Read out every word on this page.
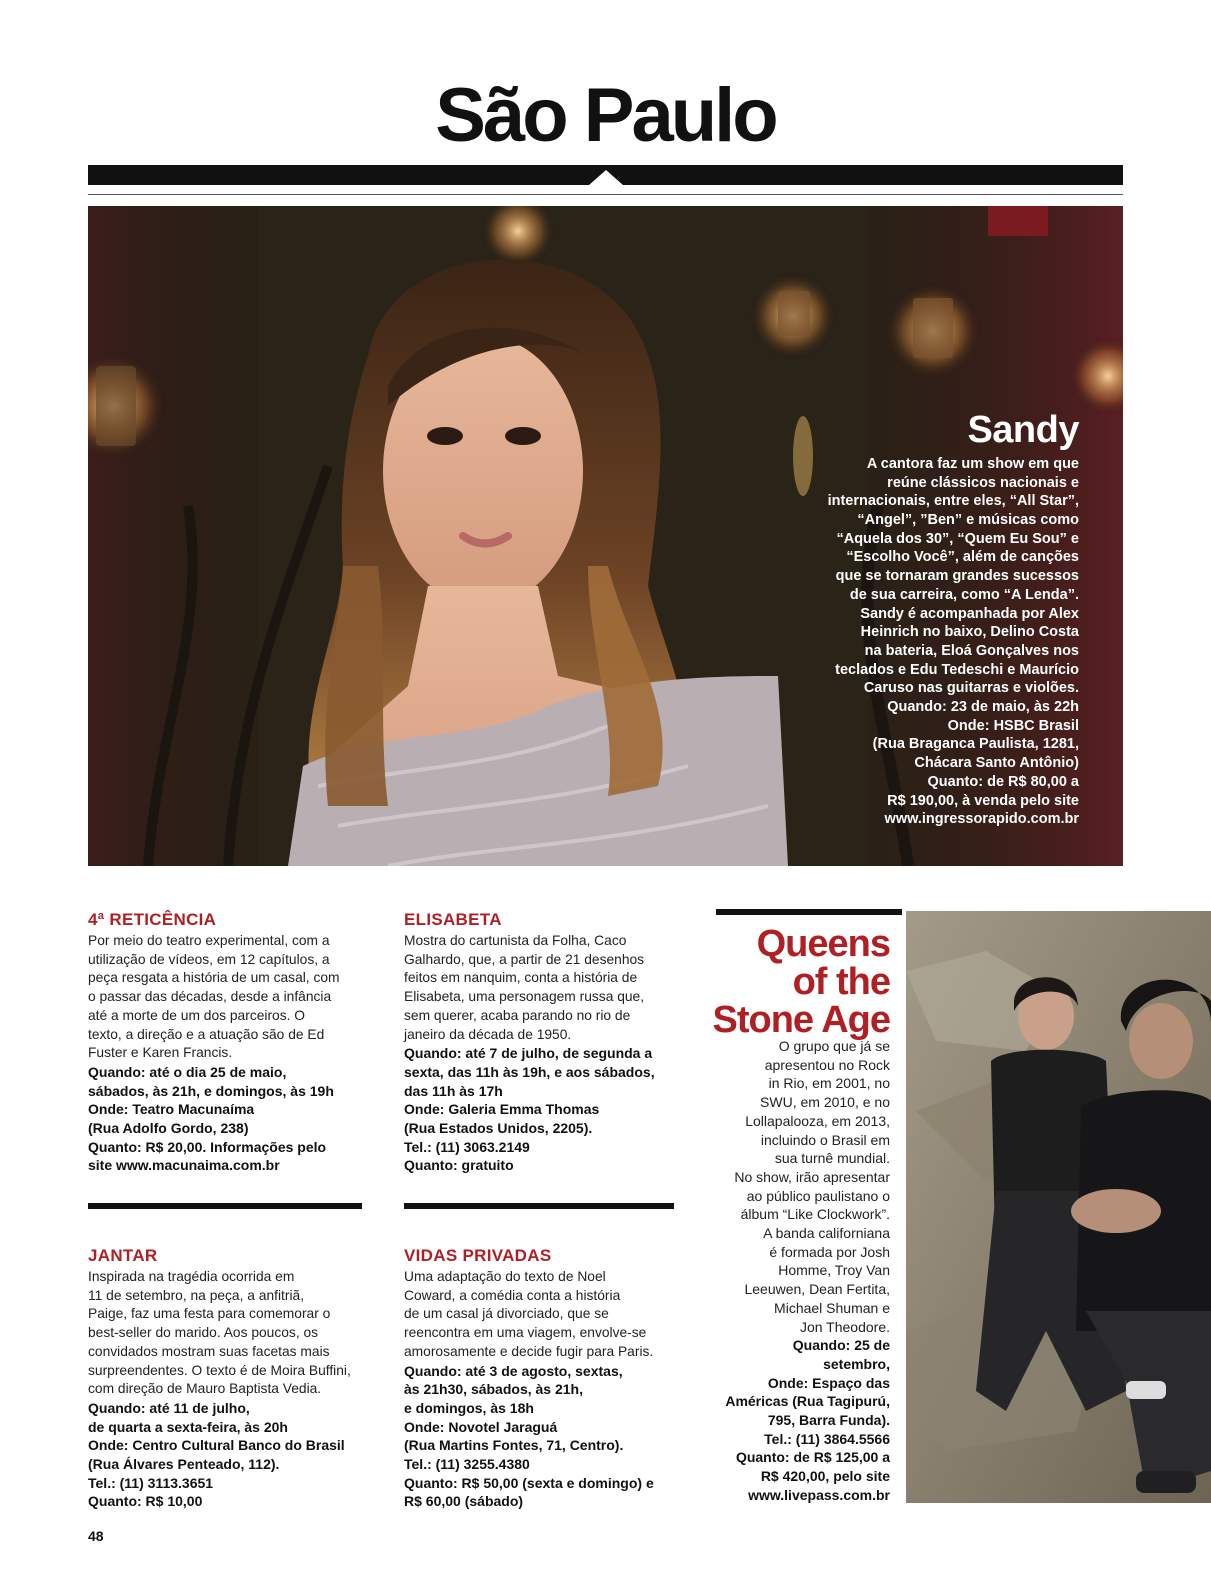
São Paulo
Sandy
A cantora faz um show em que
reúne clássicos nacionais e
internacionais, entre eles, “All Star”,
“Angel”, ”Ben” e músicas como
“Aquela dos 30”, “Quem Eu Sou” e
“Escolho Você”, além de canções
que se tornaram grandes sucessos
de sua carreira, como “A Lenda”.
Sandy é acompanhada por Alex
Heinrich no baixo, Delino Costa
na bateria, Eloá Gonçalves nos
teclados e Edu Tedeschi e Maurício
Caruso nas guitarras e violões.
Quando: 23 de maio, às 22h
Onde: HSBC Brasil
(Rua Braganca Paulista, 1281,
Chácara Santo Antônio)
Quanto: de R$ 80,00 a
R$ 190,00, à venda pelo site
www.ingressorapido.com.br
4ª RETICÊNCIA
Por meio do teatro experimental, com a
utilização de vídeos, em 12 capítulos, a
peça resgata a história de um casal, com
o passar das décadas, desde a infância
até a morte de um dos parceiros. O
texto, a direção e a atuação são de Ed
Fuster e Karen Francis.
Quando: até o dia 25 de maio,
sábados, às 21h, e domingos, às 19h
Onde: Teatro Macunaíma
(Rua Adolfo Gordo, 238)
Quanto: R$ 20,00. Informações pelo
site www.macunaima.com.br
ELISABETA
Mostra do cartunista da Folha, Caco
Galhardo, que, a partir de 21 desenhos
feitos em nanquim, conta a história de
Elisabeta, uma personagem russa que,
sem querer, acaba parando no rio de
janeiro da década de 1950.
Quando: até 7 de julho, de segunda a
sexta, das 11h às 19h, e aos sábados,
das 11h às 17h
Onde: Galeria Emma Thomas
(Rua Estados Unidos, 2205).
Tel.: (11) 3063.2149
Quanto: gratuito
JANTAR
Inspirada na tragédia ocorrida em
11 de setembro, na peça, a anfitriã,
Paige, faz uma festa para comemorar o
best-seller do marido. Aos poucos, os
convidados mostram suas facetas mais
surpreendentes. O texto é de Moira Buffini,
com direção de Mauro Baptista Vedia.
Quando: até 11 de julho,
de quarta a sexta-feira, às 20h
Onde: Centro Cultural Banco do Brasil
(Rua Álvares Penteado, 112).
Tel.: (11) 3113.3651
Quanto: R$ 10,00
VIDAS PRIVADAS
Uma adaptação do texto de Noel
Coward, a comédia conta a história
de um casal já divorciado, que se
reencontra em uma viagem, envolve-se
amorosamente e decide fugir para Paris.
Quando: até 3 de agosto, sextas,
às 21h30, sábados, às 21h,
e domingos, às 18h
Onde: Novotel Jaraguá
(Rua Martins Fontes, 71, Centro).
Tel.: (11) 3255.4380
Quanto: R$ 50,00 (sexta e domingo) e
R$ 60,00 (sábado)
Queens
of the
Stone Age
O grupo que já se
apresentou no Rock
in Rio, em 2001, no
SWU, em 2010, e no
Lollapalooza, em 2013,
incluindo o Brasil em
sua turnê mundial.
No show, irão apresentar
ao público paulistano o
álbum “Like Clockwork”.
A banda californiana
é formada por Josh
Homme, Troy Van
Leeuwen, Dean Fertita,
Michael Shuman e
Jon Theodore.
Quando: 25 de
setembro,
Onde: Espaço das
Américas (Rua Tagipurú,
795, Barra Funda).
Tel.: (11) 3864.5566
Quanto: de R$ 125,00 a
R$ 420,00, pelo site
www.livepass.com.br
48
